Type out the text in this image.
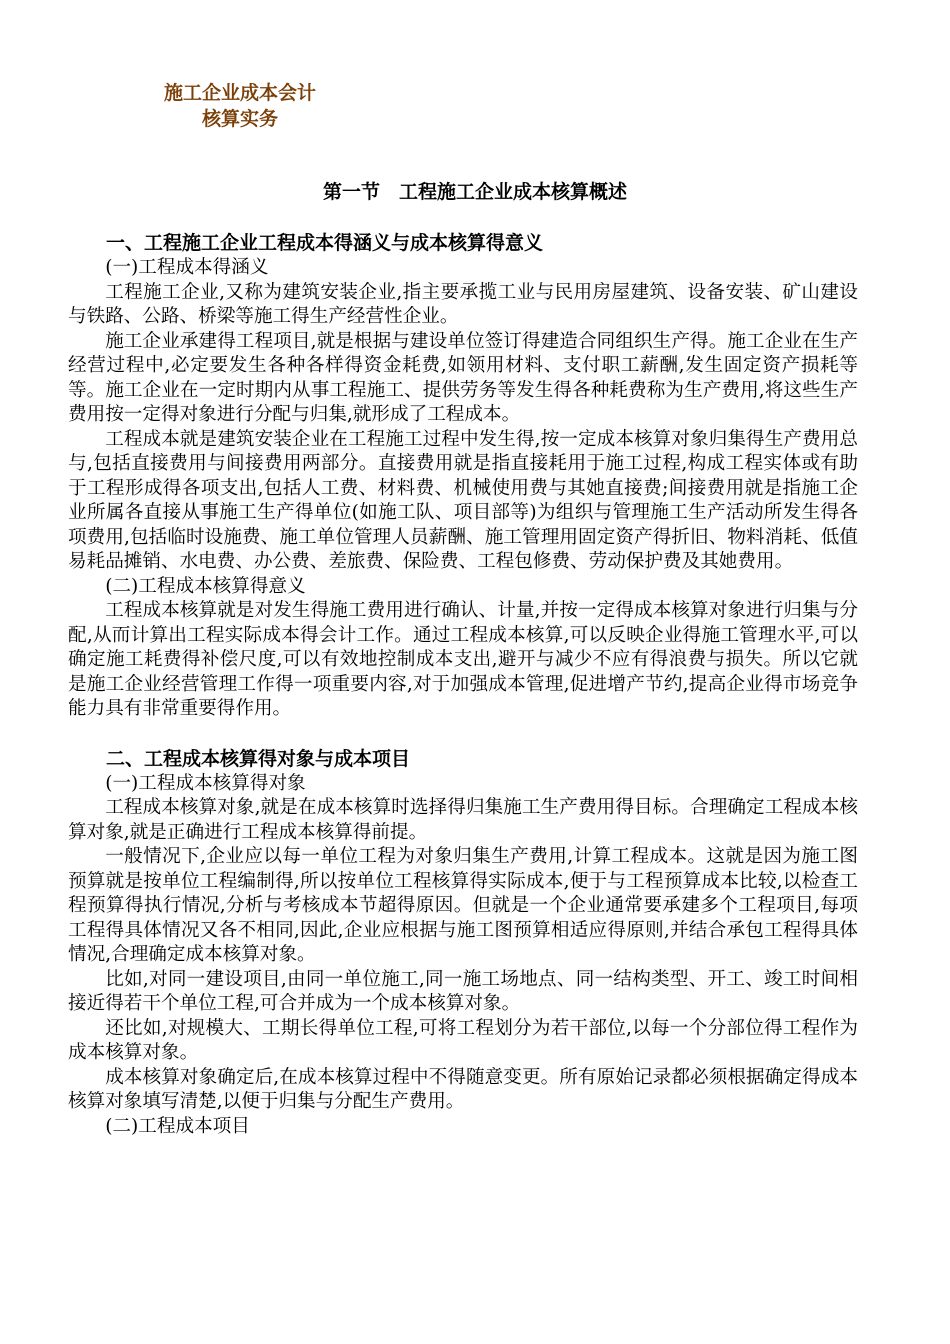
施工企业成本会计
核算实务
第一节　工程施工企业成本核算概述
一、工程施工企业工程成本得涵义与成本核算得意义

(一)工程成本得涵义

工程施工企业,又称为建筑安装企业,指主要承揽工业与民用房屋建筑、设备安装、矿山建设与铁路、公路、桥梁等施工得生产经营性企业。

施工企业承建得工程项目,就是根据与建设单位签订得建造合同组织生产得。施工企业在生产经营过程中,必定要发生各种各样得资金耗费,如领用材料、支付职工薪酬,发生固定资产损耗等等。施工企业在一定时期内从事工程施工、提供劳务等发生得各种耗费称为生产费用,将这些生产费用按一定得对象进行分配与归集,就形成了工程成本。

工程成本就是建筑安装企业在工程施工过程中发生得,按一定成本核算对象归集得生产费用总与,包括直接费用与间接费用两部分。直接费用就是指直接耗用于施工过程,构成工程实体或有助于工程形成得各项支出,包括人工费、材料费、机械使用费与其她直接费;间接费用就是指施工企业所属各直接从事施工生产得单位(如施工队、项目部等)为组织与管理施工生产活动所发生得各项费用,包括临时设施费、施工单位管理人员薪酬、施工管理用固定资产得折旧、物料消耗、低值易耗品摊销、水电费、办公费、差旅费、保险费、工程包修费、劳动保护费及其她费用。

(二)工程成本核算得意义

工程成本核算就是对发生得施工费用进行确认、计量,并按一定得成本核算对象进行归集与分配,从而计算出工程实际成本得会计工作。通过工程成本核算,可以反映企业得施工管理水平,可以确定施工耗费得补偿尺度,可以有效地控制成本支出,避开与减少不应有得浪费与损失。所以它就是施工企业经营管理工作得一项重要内容,对于加强成本管理,促进增产节约,提高企业得市场竞争能力具有非常重要得作用。

二、工程成本核算得对象与成本项目

(一)工程成本核算得对象

工程成本核算对象,就是在成本核算时选择得归集施工生产费用得目标。合理确定工程成本核算对象,就是正确进行工程成本核算得前提。

一般情况下,企业应以每一单位工程为对象归集生产费用,计算工程成本。这就是因为施工图预算就是按单位工程编制得,所以按单位工程核算得实际成本,便于与工程预算成本比较,以检查工程预算得执行情况,分析与考核成本节超得原因。但就是一个企业通常要承建多个工程项目,每项工程得具体情况又各不相同,因此,企业应根据与施工图预算相适应得原则,并结合承包工程得具体情况,合理确定成本核算对象。

比如,对同一建设项目,由同一单位施工,同一施工场地点、同一结构类型、开工、竣工时间相接近得若干个单位工程,可合并成为一个成本核算对象。

还比如,对规模大、工期长得单位工程,可将工程划分为若干部位,以每一个分部位得工程作为成本核算对象。

成本核算对象确定后,在成本核算过程中不得随意变更。所有原始记录都必须根据确定得成本核算对象填写清楚,以便于归集与分配生产费用。

(二)工程成本项目
